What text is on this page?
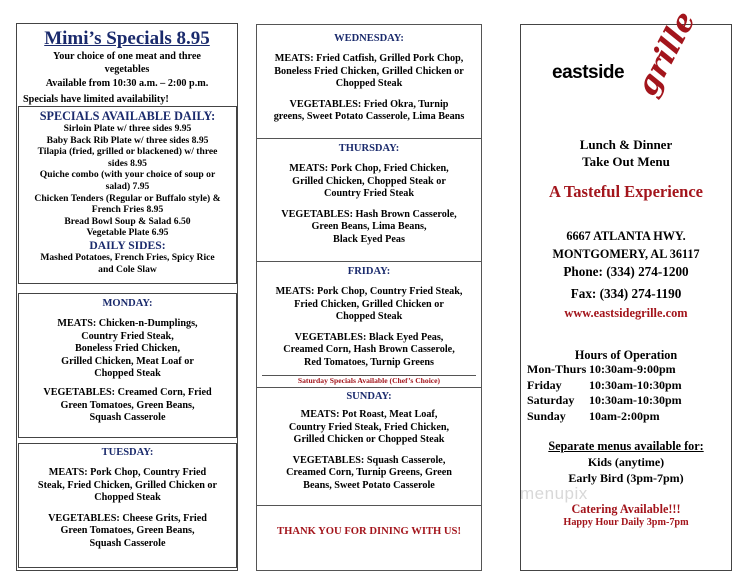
Mimi’s Specials 8.95

Your choice of one meat and three

vegetables

Available from 10:30 a.m. – 2:00 p.m.

Specials have limited availability!

SPECIALS AVAILABLE DAILY:

Sirloin Plate w/ three sides 9.95

Baby Back Rib Plate w/ three sides 8.95

Tilapia (fried, grilled or blackened) w/ three

sides 8.95

Quiche combo (with your choice of soup or

salad) 7.95

Chicken Tenders (Regular or Buffalo style) &

French Fries 8.95

Bread Bowl Soup & Salad 6.50

Vegetable Plate 6.95

DAILY SIDES:

Mashed Potatoes, French Fries, Spicy Rice

and Cole Slaw

MONDAY:

MEATS: Chicken-n-Dumplings,

Country Fried Steak,

Boneless Fried Chicken,

Grilled Chicken, Meat Loaf or

Chopped Steak

VEGETABLES: Creamed Corn, Fried

Green Tomatoes, Green Beans,

Squash Casserole

TUESDAY:

MEATS: Pork Chop, Country Fried

Steak, Fried Chicken, Grilled Chicken or

Chopped Steak

VEGETABLES: Cheese Grits, Fried

Green Tomatoes, Green Beans,

Squash Casserole

WEDNESDAY:

MEATS: Fried Catfish, Grilled Pork Chop,

Boneless Fried Chicken, Grilled Chicken or

Chopped Steak

VEGETABLES: Fried Okra, Turnip

greens, Sweet Potato Casserole, Lima Beans

THURSDAY:

MEATS: Pork Chop, Fried Chicken,

Grilled Chicken, Chopped Steak or

Country Fried Steak

VEGETABLES: Hash Brown Casserole,

Green Beans, Lima Beans,

Black Eyed Peas

FRIDAY:

MEATS: Pork Chop, Country Fried Steak,

Fried Chicken, Grilled Chicken or

Chopped Steak

VEGETABLES: Black Eyed Peas,

Creamed Corn, Hash Brown Casserole,

Red Tomatoes, Turnip Greens

Saturday Specials Available (Chef’s Choice)

SUNDAY:

MEATS: Pot Roast, Meat Loaf,

Country Fried Steak, Fried Chicken,

Grilled Chicken or Chopped Steak

VEGETABLES: Squash Casserole,

Creamed Corn, Turnip Greens, Green

Beans, Sweet Potato Casserole

THANK YOU FOR DINING WITH US!

eastside grille

Lunch & Dinner

Take Out Menu

A Tasteful Experience

6667 ATLANTA HWY.

MONTGOMERY, AL 36117

Phone: (334) 274-1200

Fax: (334) 274-1190

www.eastsidegrille.com

Hours of Operation

Mon-Thurs 10:30am-9:00pm
Friday 10:30am-10:30pm
Saturday 10:30am-10:30pm
Sunday 10am-2:00pm

Separate menus available for:

Kids (anytime)

Early Bird (3pm-7pm)

menupix

Catering Available!!!

Happy Hour Daily 3pm-7pm
